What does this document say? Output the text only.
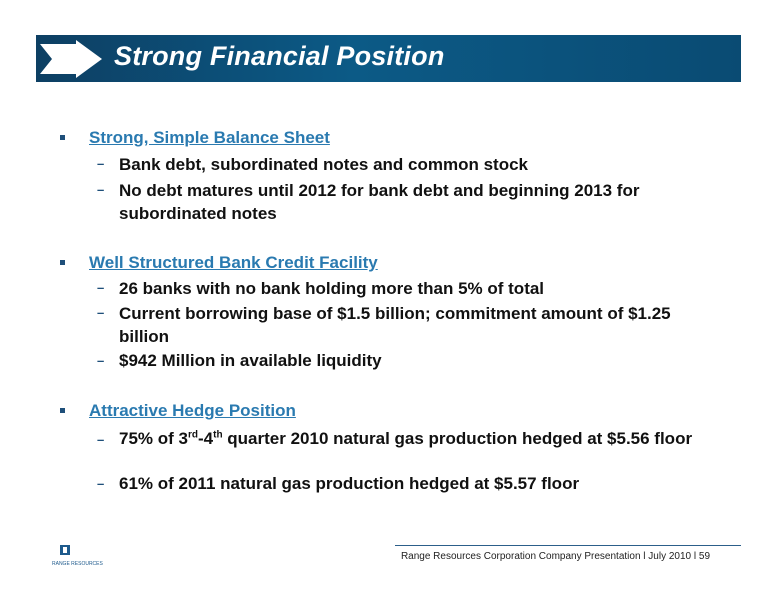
Strong Financial Position
Strong, Simple Balance Sheet
– Bank debt, subordinated notes and common stock
– No debt matures until 2012 for bank debt and beginning 2013 for subordinated notes
Well Structured Bank Credit Facility
– 26 banks with no bank holding more than 5% of total
– Current borrowing base of $1.5 billion; commitment amount of $1.25 billion
– $942 Million in available liquidity
Attractive Hedge Position
– 75% of 3rd-4th quarter 2010 natural gas production hedged at $5.56 floor
– 61% of 2011 natural gas production hedged at $5.57 floor
RANGE RESOURCES
Range Resources Corporation Company Presentation l July 2010 l 59
